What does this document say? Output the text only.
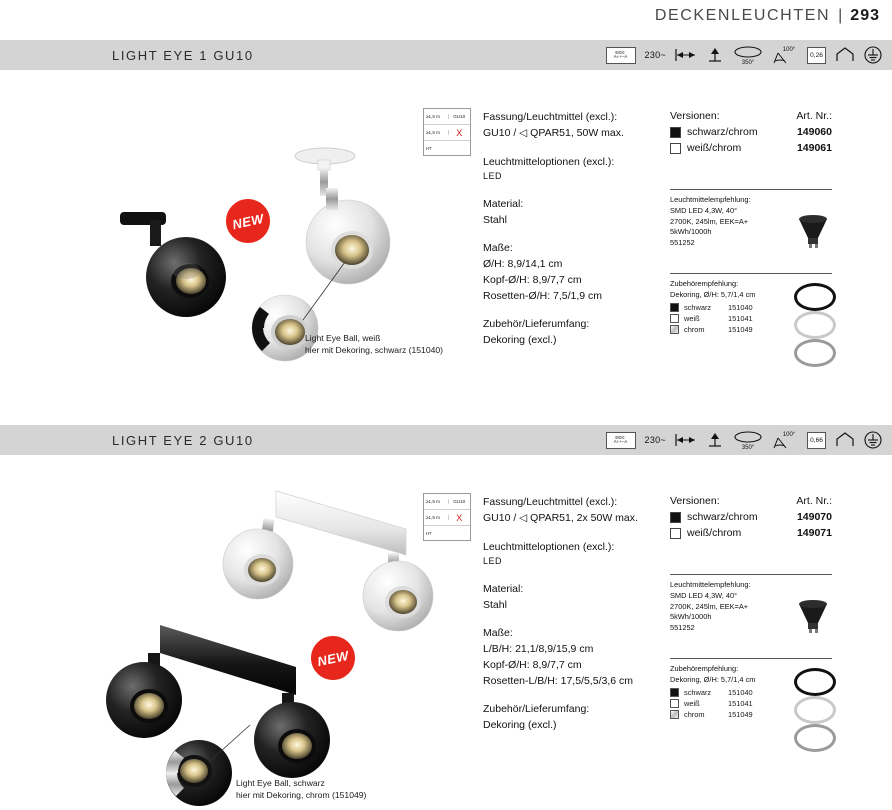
DECKENLEUCHTEN | 293
LIGHT EYE 1 GU10	EEK:
A++–A 230~
350°
100°
0,26
NEW
Light Eye Ball, weiß
hier mit Dekoring, schwarz (151040)
≥1,5 m	GU10
≥1,5 m	X
HT
Fassung/Leuchtmittel (excl.):
GU10 / ◁ QPAR51, 50W max.
Leuchtmitteloptionen (excl.):
LED
Material:
Stahl
Maße:
Ø/H: 8,9/14,1 cm
Kopf-Ø/H: 8,9/7,7 cm
Rosetten-Ø/H: 7,5/1,9 cm
Zubehör/Lieferumfang:
Dekoring (excl.)
Versionen:	Art. Nr.:
schwarz/chrom	149060
weiß/chrom	149061
Leuchtmittelempfehlung:
SMD LED 4,3W, 40°
2700K, 245lm, EEK=A+
5kWh/1000h
551252
Zubehörempfehlung:
Dekoring, Ø/H: 5,7/1,4 cm
schwarz	151040
weiß	151041
chrom	151049
LIGHT EYE 2 GU10	EEK:
A++–A 230~
350°
100°
0,66
NEW
Light Eye Ball, schwarz
hier mit Dekoring, chrom (151049)
≥1,5 m	GU10
≥1,5 m	X
HT
Fassung/Leuchtmittel (excl.):
GU10 / ◁ QPAR51, 2x 50W max.
Leuchtmitteloptionen (excl.):
LED
Material:
Stahl
Maße:
L/B/H: 21,1/8,9/15,9 cm
Kopf-Ø/H: 8,9/7,7 cm
Rosetten-L/B/H: 17,5/5,5/3,6 cm
Zubehör/Lieferumfang:
Dekoring (excl.)
Versionen:	Art. Nr.:
schwarz/chrom	149070
weiß/chrom	149071
Leuchtmittelempfehlung:
SMD LED 4,3W, 40°
2700K, 245lm, EEK=A+
5kWh/1000h
551252
Zubehörempfehlung:
Dekoring, Ø/H: 5,7/1,4 cm
schwarz	151040
weiß	151041
chrom	151049
